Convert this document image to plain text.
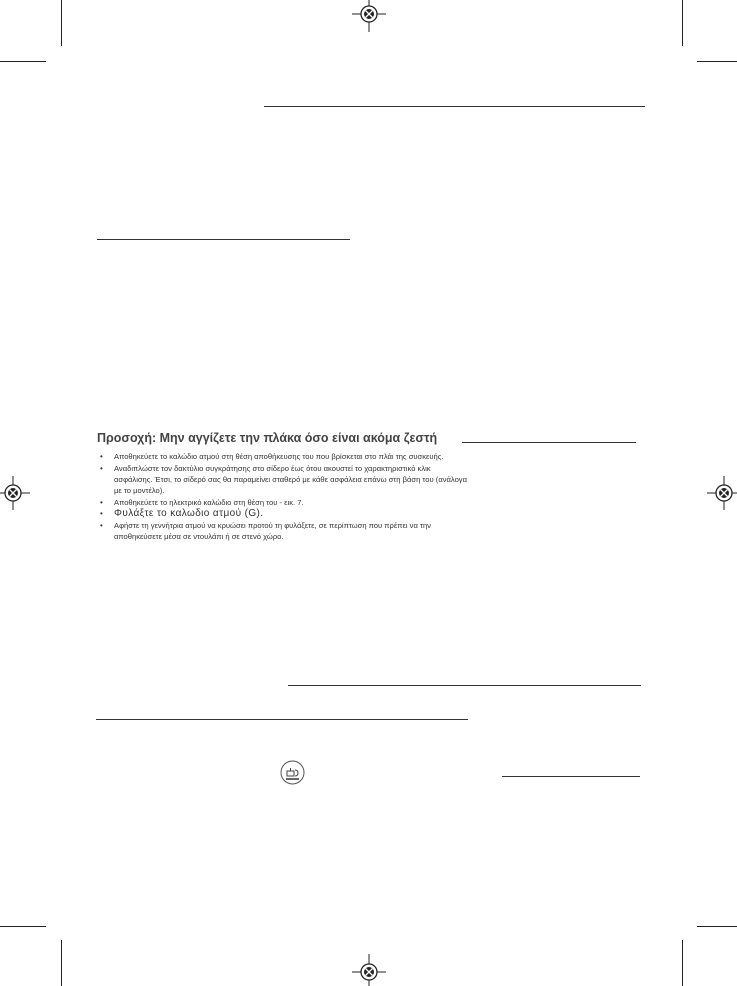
Προσοχή: Μην αγγίζετε την πλάκα όσο είναι ακόμα ζεστή
• Αποθηκεύετε το καλώδιο ατμού στη θέση αποθήκευσης του που βρίσκεται στο πλάι της συσκευής.
• Αναδιπλώστε τον δακτύλιο συγκράτησης στο σίδερο έως ότου ακουστεί το χαρακτηριστικό κλικ ασφάλισης. Έτσι, το σίδερό σας θα παραμείνει σταθερό με κάθε ασφάλεια επάνω στη βάση του (ανάλογα με το μοντέλο).
• Αποθηκεύετε το ηλεκτρικό καλώδιο στη θέση του - εικ. 7.
• Φυλάξτε το καλωδιο ατμού (G).
• Αφήστε τη γεννήτρια ατμού να κρυώσει προτού τη φυλάξετε, σε περίπτωση που πρέπει να την αποθηκεύσετε μέσα σε ντουλάπι ή σε στενό χώρο.
